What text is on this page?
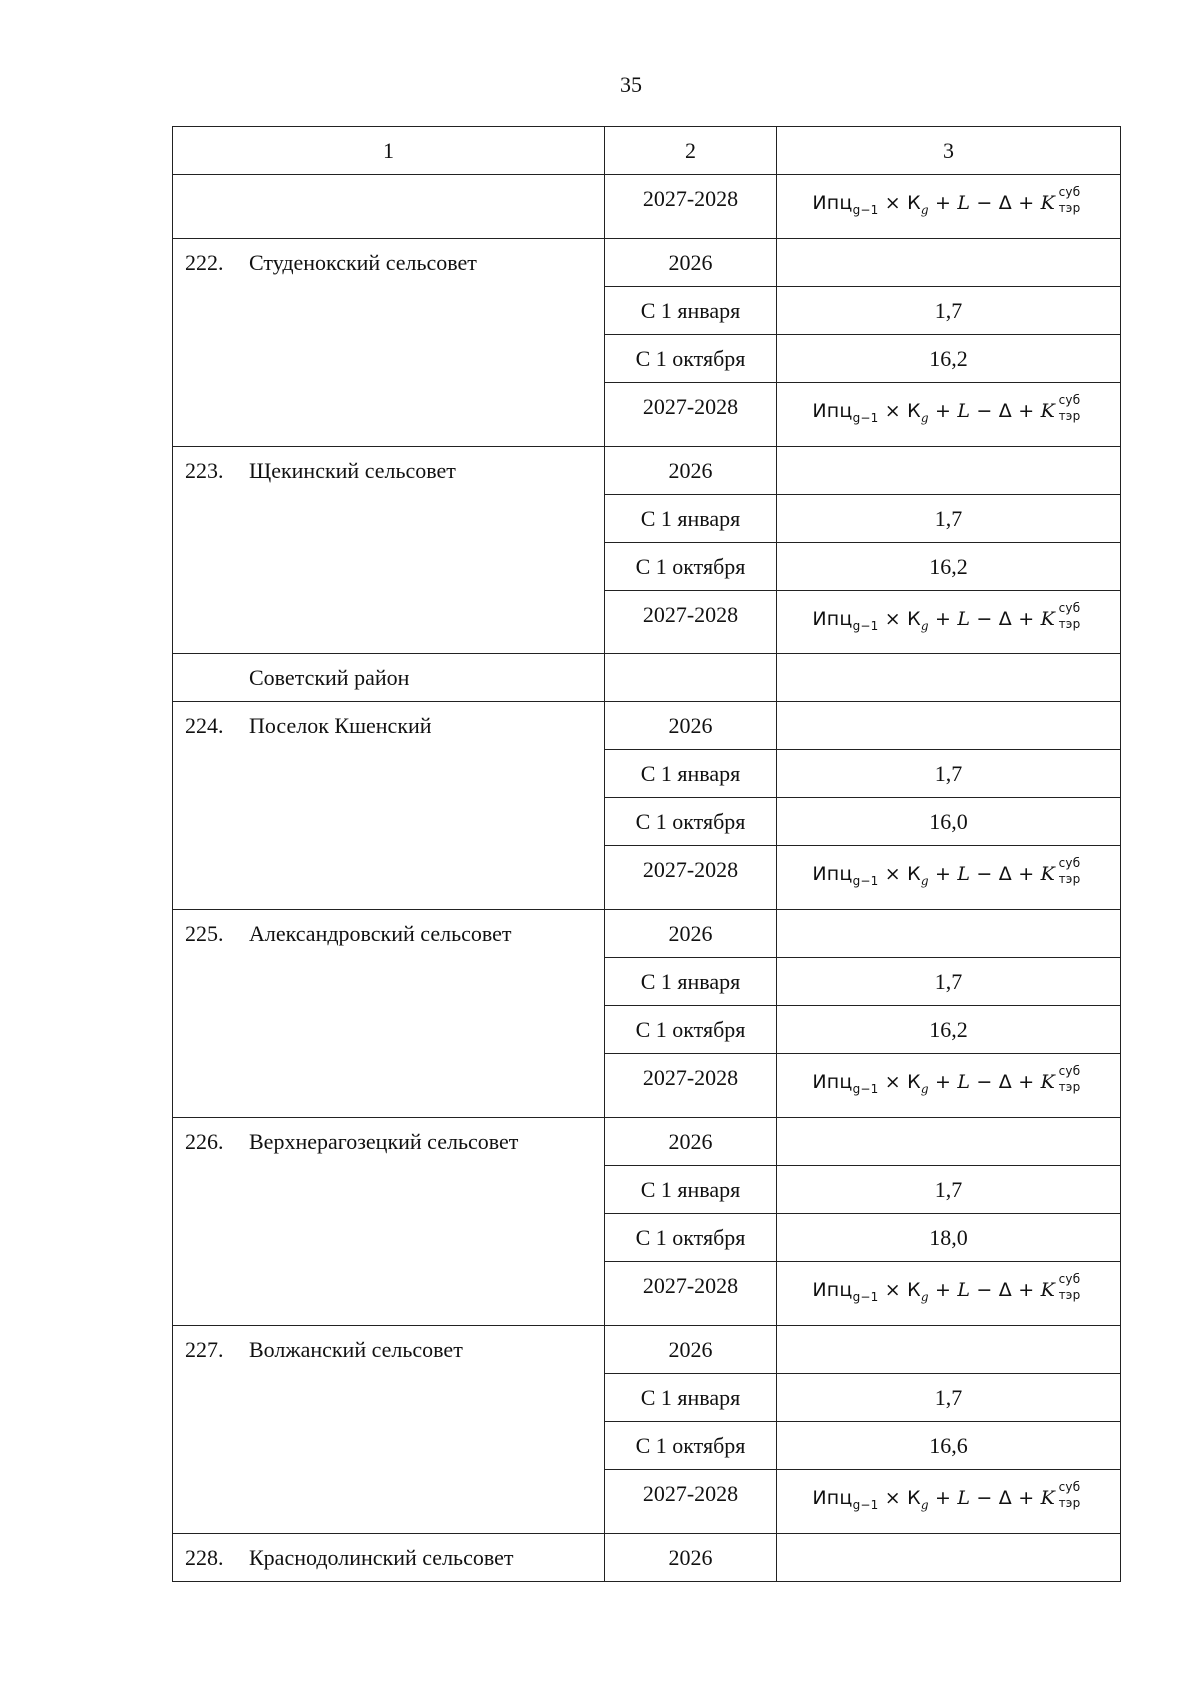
35
1	2	3
	2027-2028	$Ипц_{g-1} \times К_g + L - \Delta + K$ суб
тэр

222. Студенокский сельсовет	2026	
	С 1 января	1,7
	С 1 октября	16,2
	2027-2028	$Ипц_{g-1} \times К_g + L - \Delta + K$ суб
тэр

223. Щекинский сельсовет	2026	
	С 1 января	1,7
	С 1 октября	16,2
	2027-2028	$Ипц_{g-1} \times К_g + L - \Delta + K$ суб
тэр

Советский район		
224. Поселок Кшенский	2026	
	С 1 января	1,7
	С 1 октября	16,0
	2027-2028	$Ипц_{g-1} \times К_g + L - \Delta + K$ суб
тэр

225. Александровский сельсовет	2026	
	С 1 января	1,7
	С 1 октября	16,2
	2027-2028	$Ипц_{g-1} \times К_g + L - \Delta + K$ суб
тэр

226. Верхнерагозецкий сельсовет	2026	
	С 1 января	1,7
	С 1 октября	18,0
	2027-2028	$Ипц_{g-1} \times К_g + L - \Delta + K$ суб
тэр

227. Волжанский сельсовет	2026	
	С 1 января	1,7
	С 1 октября	16,6
	2027-2028	$Ипц_{g-1} \times К_g + L - \Delta + K$ суб
тэр

228. Краснодолинский сельсовет	2026	
